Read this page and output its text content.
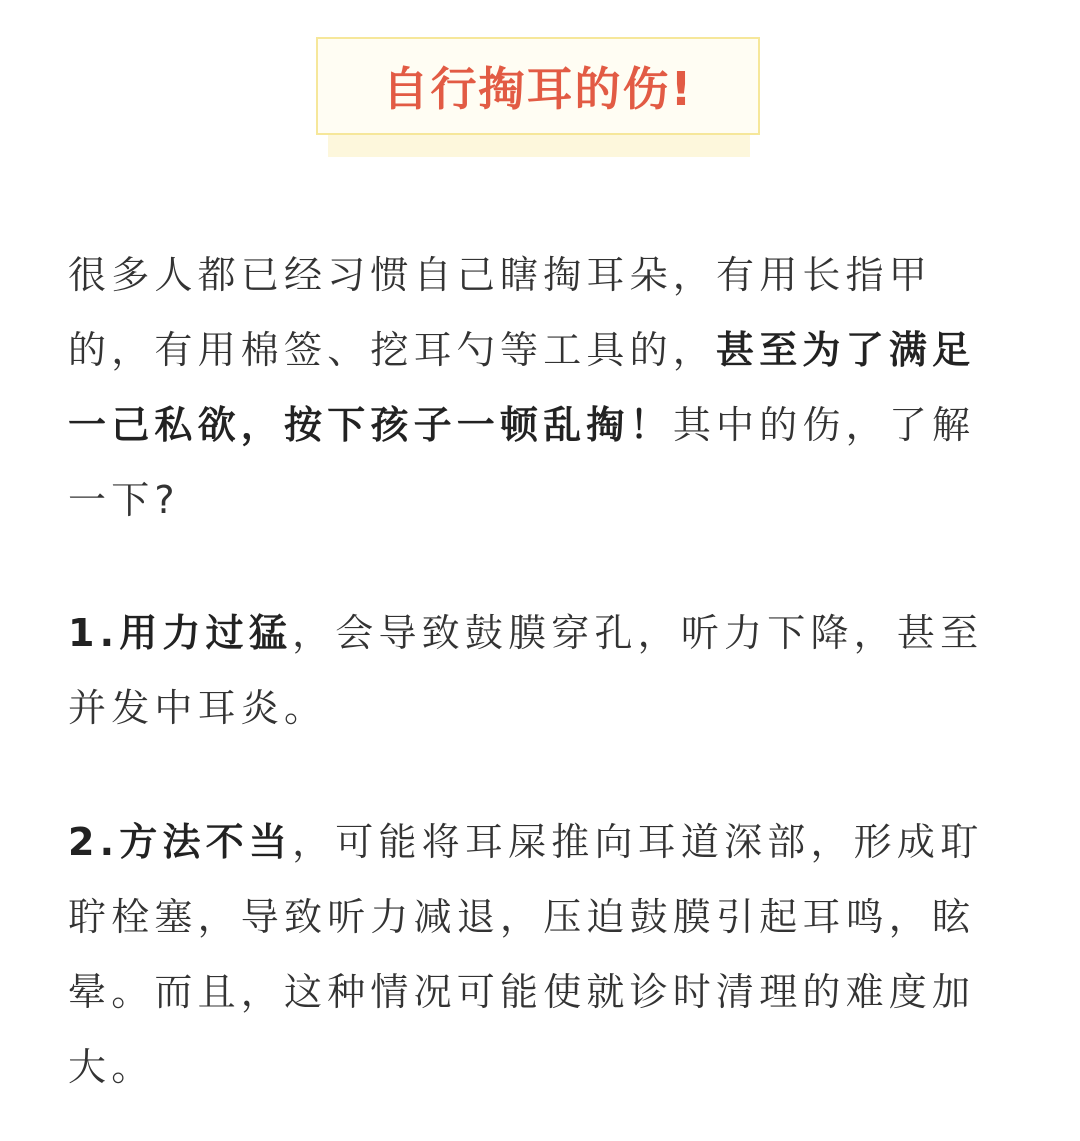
自行掏耳的伤!

很多人都已经习惯自己瞎掏耳朵，有用长指甲的，有用棉签、挖耳勺等工具的，甚至为了满足一己私欲，按下孩子一顿乱掏！其中的伤，了解一下?

1.用力过猛，会导致鼓膜穿孔，听力下降，甚至并发中耳炎。

2.方法不当，可能将耳屎推向耳道深部，形成耵聍栓塞，导致听力减退，压迫鼓膜引起耳鸣，眩晕。而且，这种情况可能使就诊时清理的难度加大。
